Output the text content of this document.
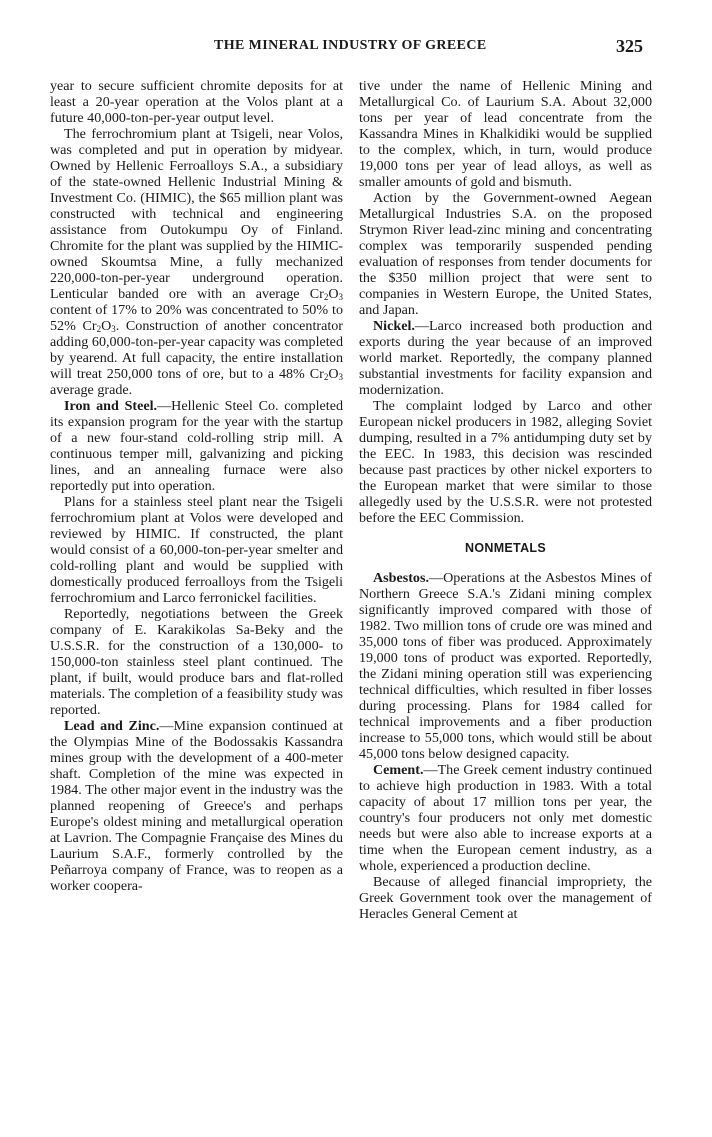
THE MINERAL INDUSTRY OF GREECE	325

year to secure sufficient chromite deposits for at least a 20-year operation at the Volos plant at a future 40,000-ton-per-year output level.

The ferrochromium plant at Tsigeli, near Volos, was completed and put in operation by midyear. Owned by Hellenic Ferroalloys S.A., a subsidiary of the state-owned Hellenic Industrial Mining & Investment Co. (HIMIC), the $65 million plant was constructed with technical and engineering assistance from Outokumpu Oy of Finland. Chromite for the plant was supplied by the HIMIC-owned Skoumtsa Mine, a fully mechanized 220,000-ton-per-year underground operation. Lenticular banded ore with an average $Cr_2O_3$ content of 17% to 20% was concentrated to 50% to 52% $Cr_2O_3$. Construction of another concentrator adding 60,000-ton-per-year capacity was completed by yearend. At full capacity, the entire installation will treat 250,000 tons of ore, but to a 48% $Cr_2O_3$ average grade.

Iron and Steel.—Hellenic Steel Co. completed its expansion program for the year with the startup of a new four-stand cold-rolling strip mill. A continuous temper mill, galvanizing and picking lines, and an annealing furnace were also reportedly put into operation.

Plans for a stainless steel plant near the Tsigeli ferrochromium plant at Volos were developed and reviewed by HIMIC. If constructed, the plant would consist of a 60,000-ton-per-year smelter and cold-rolling plant and would be supplied with domestically produced ferroalloys from the Tsigeli ferrochromium and Larco ferronickel facilities.

Reportedly, negotiations between the Greek company of E. Karakikolas Sa-Beky and the U.S.S.R. for the construction of a 130,000- to 150,000-ton stainless steel plant continued. The plant, if built, would produce bars and flat-rolled materials. The completion of a feasibility study was reported.

Lead and Zinc.—Mine expansion continued at the Olympias Mine of the Bodossakis Kassandra mines group with the development of a 400-meter shaft. Completion of the mine was expected in 1984. The other major event in the industry was the planned reopening of Greece's and perhaps Europe's oldest mining and metallurgical operation at Lavrion. The Compagnie Française des Mines du Laurium S.A.F., formerly controlled by the Peñarroya company of France, was to reopen as a worker coopera-

tive under the name of Hellenic Mining and Metallurgical Co. of Laurium S.A. About 32,000 tons per year of lead concentrate from the Kassandra Mines in Khalkidiki would be supplied to the complex, which, in turn, would produce 19,000 tons per year of lead alloys, as well as smaller amounts of gold and bismuth.

Action by the Government-owned Aegean Metallurgical Industries S.A. on the proposed Strymon River lead-zinc mining and concentrating complex was temporarily suspended pending evaluation of responses from tender documents for the $350 million project that were sent to companies in Western Europe, the United States, and Japan.

Nickel.—Larco increased both production and exports during the year because of an improved world market. Reportedly, the company planned substantial investments for facility expansion and modernization.

The complaint lodged by Larco and other European nickel producers in 1982, alleging Soviet dumping, resulted in a 7% antidumping duty set by the EEC. In 1983, this decision was rescinded because past practices by other nickel exporters to the European market that were similar to those allegedly used by the U.S.S.R. were not protested before the EEC Commission.

NONMETALS

Asbestos.—Operations at the Asbestos Mines of Northern Greece S.A.'s Zidani mining complex significantly improved compared with those of 1982. Two million tons of crude ore was mined and 35,000 tons of fiber was produced. Approximately 19,000 tons of product was exported. Reportedly, the Zidani mining operation still was experiencing technical difficulties, which resulted in fiber losses during processing. Plans for 1984 called for technical improvements and a fiber production increase to 55,000 tons, which would still be about 45,000 tons below designed capacity.

Cement.—The Greek cement industry continued to achieve high production in 1983. With a total capacity of about 17 million tons per year, the country's four producers not only met domestic needs but were also able to increase exports at a time when the European cement industry, as a whole, experienced a production decline.

Because of alleged financial impropriety, the Greek Government took over the management of Heracles General Cement at
